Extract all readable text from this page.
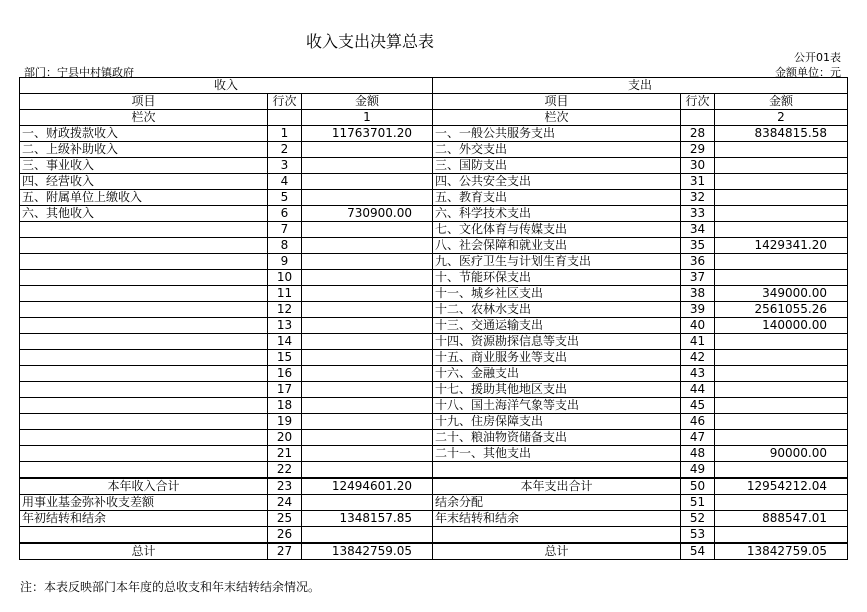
收入支出决算总表
公开01表
部门：宁县中村镇政府	金额单位：元
收入			支出		
项目	行次	金额	项目	行次	金额
栏次		1	栏次		2
一、财政拨款收入	1	11763701.20	一、一般公共服务支出	28	8384815.58
二、上级补助收入	2		二、外交支出	29	
三、事业收入	3		三、国防支出	30	
四、经营收入	4		四、公共安全支出	31	
五、附属单位上缴收入	5		五、教育支出	32	
六、其他收入	6	730900.00	六、科学技术支出	33	
	7		七、文化体育与传媒支出	34	
	8		八、社会保障和就业支出	35	1429341.20
	9		九、医疗卫生与计划生育支出	36	
	10		十、节能环保支出	37	
	11		十一、城乡社区支出	38	349000.00
	12		十二、农林水支出	39	2561055.26
	13		十三、交通运输支出	40	140000.00
	14		十四、资源勘探信息等支出	41	
	15		十五、商业服务业等支出	42	
	16		十六、金融支出	43	
	17		十七、援助其他地区支出	44	
	18		十八、国土海洋气象等支出	45	
	19		十九、住房保障支出	46	
	20		二十、粮油物资储备支出	47	
	21		二十一、其他支出	48	90000.00
	22			49	
本年收入合计	23	12494601.20	本年支出合计	50	12954212.04
用事业基金弥补收支差额	24		结余分配	51	
年初结转和结余	25	1348157.85	年末结转和结余	52	888547.01
	26			53	
总计	27	13842759.05	总计	54	13842759.05
注：本表反映部门本年度的总收支和年末结转结余情况。
